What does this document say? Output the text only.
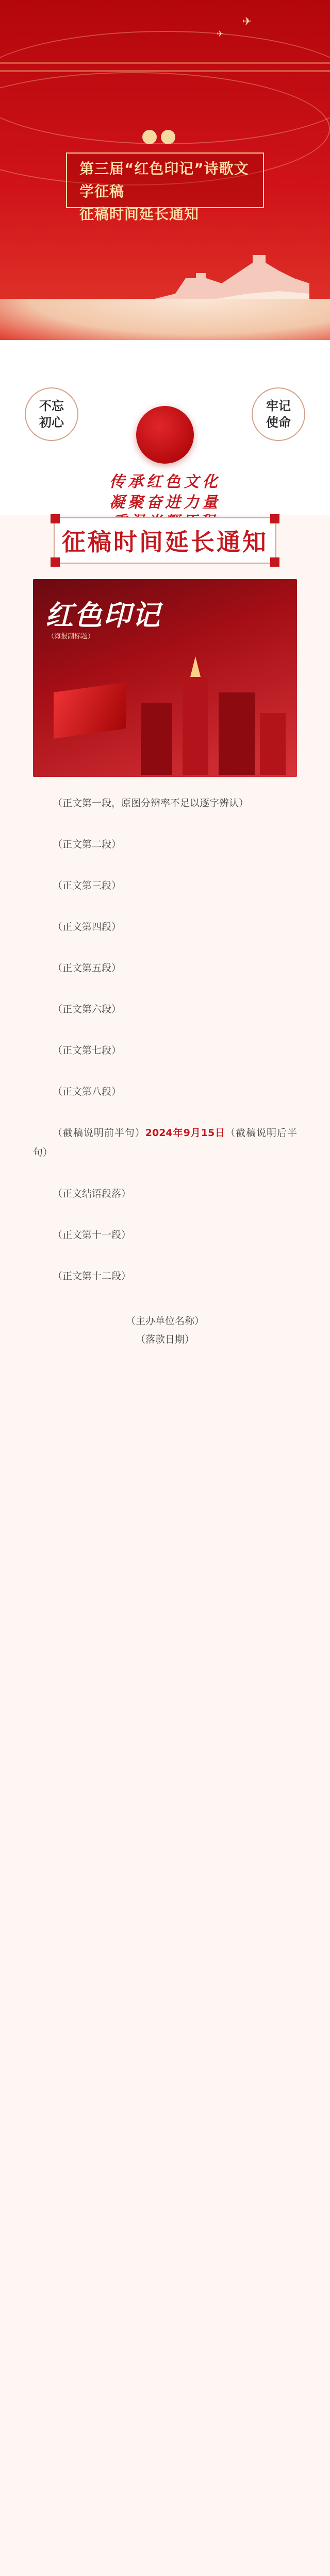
✈
✈
第三届“红色印记”诗歌文学征稿
征稿时间延长通知
不忘初心
牢记使命
传承红色文化
凝聚奋进力量
征稿时间延长通知
红色印记
（海报副标题）

（正文第一段，原图分辨率不足以逐字辨认）

（正文第二段）

（正文第三段）

（正文第四段）

（正文第五段）

（正文第六段）

（正文第七段）

（正文第八段）

（截稿说明前半句）2024年9月15日（截稿说明后半句）

（正文结语段落）

（正文第十一段）

（正文第十二段）

（主办单位名称）
（落款日期）
